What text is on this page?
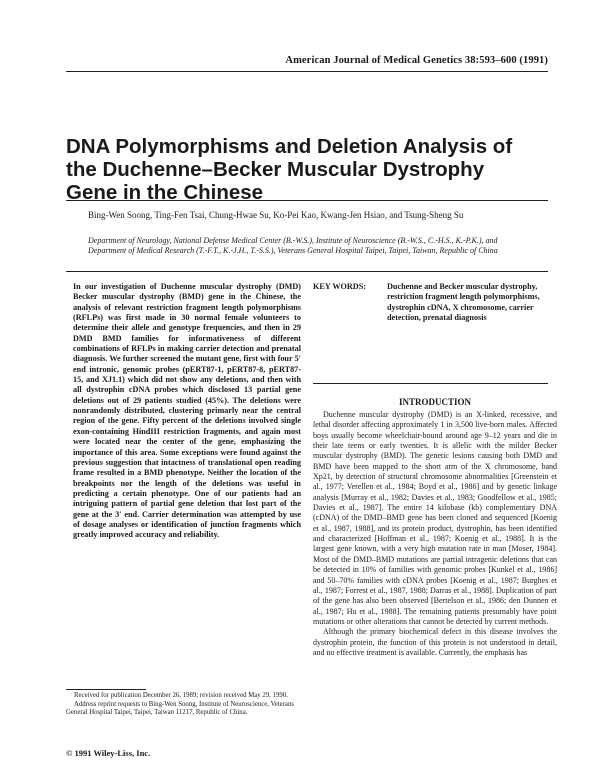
American Journal of Medical Genetics 38:593–600 (1991)
DNA Polymorphisms and Deletion Analysis of the Duchenne–Becker Muscular Dystrophy Gene in the Chinese
Bing-Wen Soong, Ting-Fen Tsai, Chung-Hwae Su, Ko-Pei Kao, Kwang-Jen Hsiao, and Tsung-Sheng Su
Department of Neurology, National Defense Medical Center (B.-W.S.), Institute of Neuroscience (B.-W.S., C.-H.S., K.-P.K.), and Department of Medical Research (T.-F.T., K.-J.H., T.-S.S.), Veterans General Hospital Taipei, Taipei, Taiwan, Republic of China
In our investigation of Duchenne muscular dystrophy (DMD) Becker muscular dystrophy (BMD) gene in the Chinese, the analysis of relevant restriction fragment length polymorphisms (RFLPs) was first made in 30 normal female volunteers to determine their allele and genotype frequencies, and then in 29 DMD BMD families for informativeness of different combinations of RFLPs in making carrier detection and prenatal diagnosis. We further screened the mutant gene, first with four 5′ end intronic, genomic probes (pERT87-1, pERT87-8, pERT87-15, and XJ1.1) which did not show any deletions, and then with all dystrophin cDNA probes which disclosed 13 partial gene deletions out of 29 patients studied (45%). The deletions were nonrandomly distributed, clustering primarly near the central region of the gene. Fifty percent of the deletions involved single exon-containing HindIII restriction fragments, and again most were located near the center of the gene, emphasizing the importance of this area. Some exceptions were found against the previous suggestion that intactness of translational open reading frame resulted in a BMD phenotype. Neither the location of the breakpoints nor the length of the deletions was useful in predicting a certain phenotype. One of our patients had an intriguing pattern of partial gene deletion that lost part of the gene at the 3′ end. Carrier determination was attempted by use of dosage analyses or identification of junction fragments which greatly improved accuracy and reliability.
KEY WORDS:	Duchenne and Becker muscular dystrophy, restriction fragment length polymorphisms, dystrophin cDNA, X chromosome, carrier detection, prenatal diagnosis
INTRODUCTION
Duchenne muscular dystrophy (DMD) is an X-linked, recessive, and lethal disorder affecting approximately 1 in 3,500 live-born males. Affected boys usually become wheelchair-bound around age 9–12 years and die in their late teens or early twenties. It is allelic with the milder Becker muscular dystrophy (BMD). The genetic lesions causing both DMD and BMD have been mapped to the short arm of the X chromosome, band Xp21, by detection of structural chromosome abnormalities [Greenstein et al., 1977; Verellen et al., 1984; Boyd et al., 1986] and by genetic linkage analysis [Murray et al., 1982; Davies et al., 1983; Goodfellow et al., 1985; Davies et al., 1987]. The entire 14 kilobase (kb) complementary DNA (cDNA) of the DMD–BMD gene has been cloned and sequenced [Koenig et al., 1987, 1988], and its protein product, dystrophin, has been identified and characterized [Hoffman et al., 1987; Koenig et al., 1988]. It is the largest gene known, with a very high mutation rate in man [Moser, 1984]. Most of the DMD–BMD mutations are partial intragenic deletions that can be detected in 10% of families with genomic probes [Kunkel et al., 1986] and 50–70% families with cDNA probes [Koenig et al., 1987; Burghes et al., 1987; Forrest et al., 1987, 1988; Darras et al., 1988]. Duplication of part of the gene has also been observed [Bertelson et al., 1986; den Dunnen et al., 1987; Hu et al., 1988]. The remaining patients presumably have point mutations or other alterations that cannot be detected by current methods.
Although the primary biochemical defect in this disease involves the dystrophin protein, the function of this protein is not understood in detail, and no effective treatment is available. Currently, the emphasis has

Received for publication December 26, 1989; revision received May 29, 1990.

Address reprint requests to Bing-Wen Soong, Institute of Neuroscience, Veterans General Hospital Taipei, Taipei, Taiwan 11217, Republic of China.

© 1991 Wiley-Liss, Inc.
